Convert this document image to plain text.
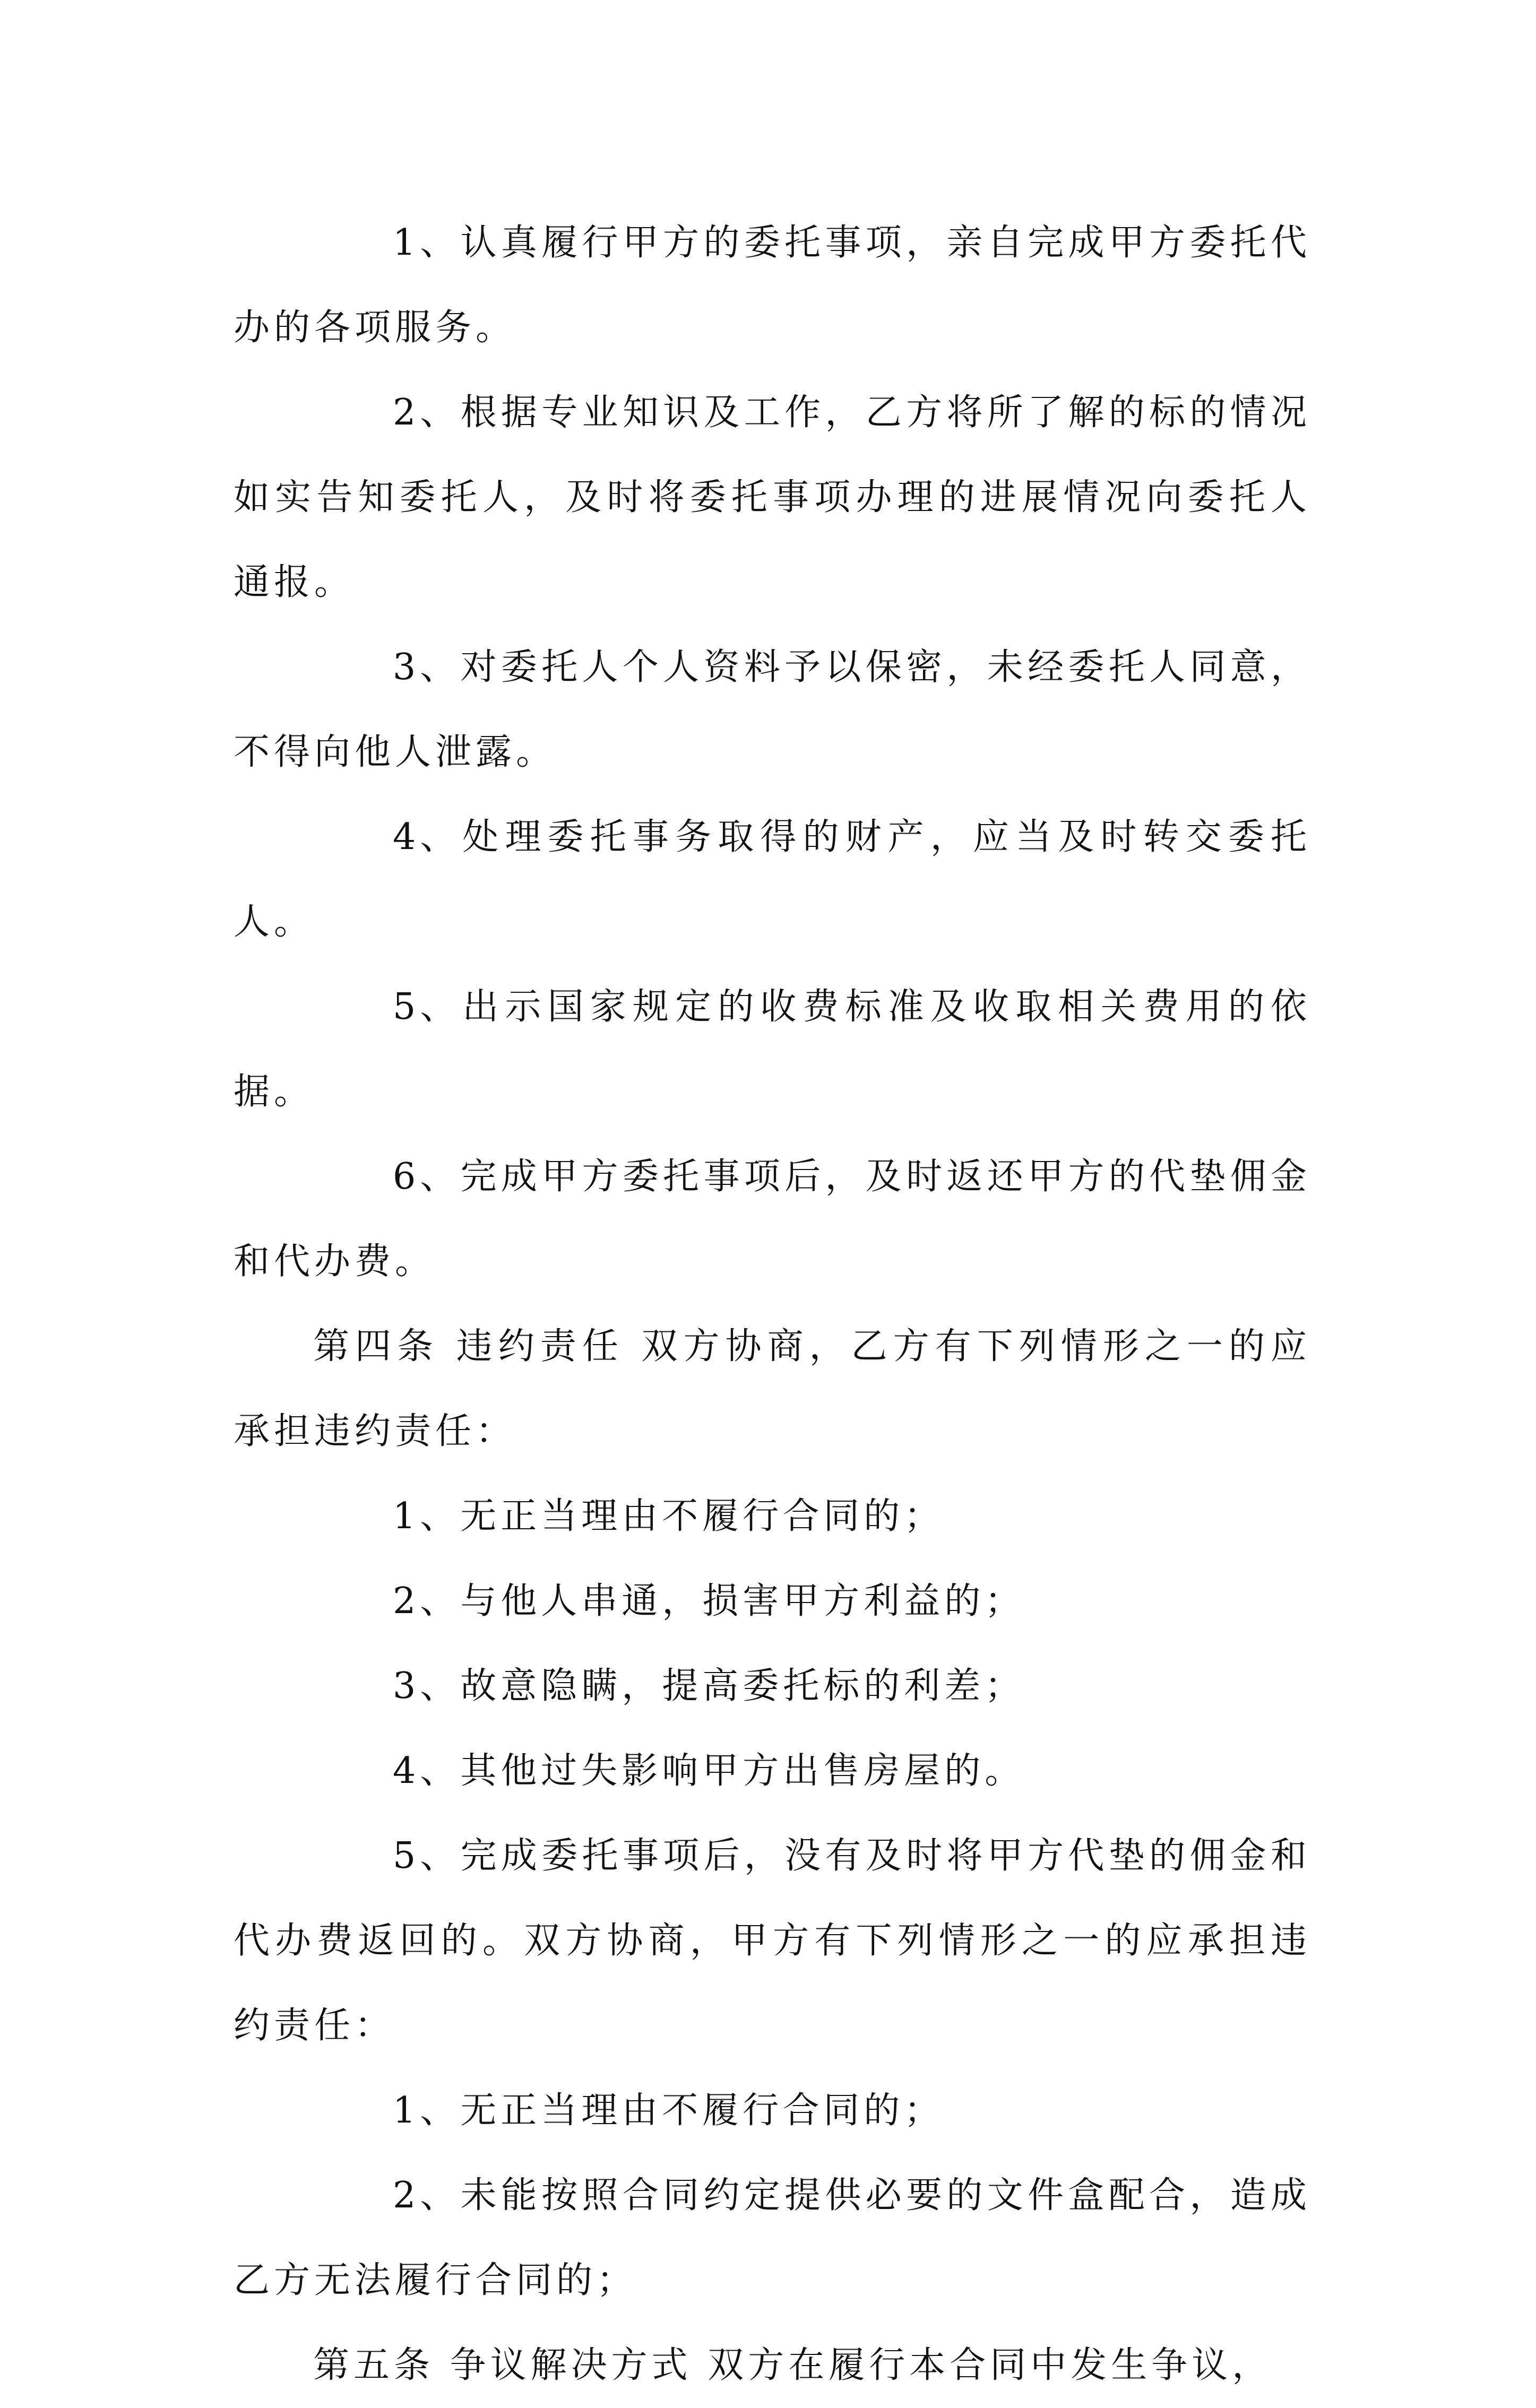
1、认真履行甲方的委托事项，亲自完成甲方委托代办的各项服务。

2、根据专业知识及工作，乙方将所了解的标的情况如实告知委托人，及时将委托事项办理的进展情况向委托人通报。

3、对委托人个人资料予以保密，未经委托人同意，不得向他人泄露。

4、处理委托事务取得的财产，应当及时转交委托人。

5、出示国家规定的收费标准及收取相关费用的依据。

6、完成甲方委托事项后，及时返还甲方的代垫佣金和代办费。

第四条 违约责任 双方协商，乙方有下列情形之一的应承担违约责任：

1、无正当理由不履行合同的；

2、与他人串通，损害甲方利益的；

3、故意隐瞒，提高委托标的利差；

4、其他过失影响甲方出售房屋的。

5、完成委托事项后，没有及时将甲方代垫的佣金和代办费返回的。双方协商，甲方有下列情形之一的应承担违约责任：

1、无正当理由不履行合同的；

2、未能按照合同约定提供必要的文件盒配合，造成乙方无法履行合同的；

第五条 争议解决方式 双方在履行本合同中发生争议，
